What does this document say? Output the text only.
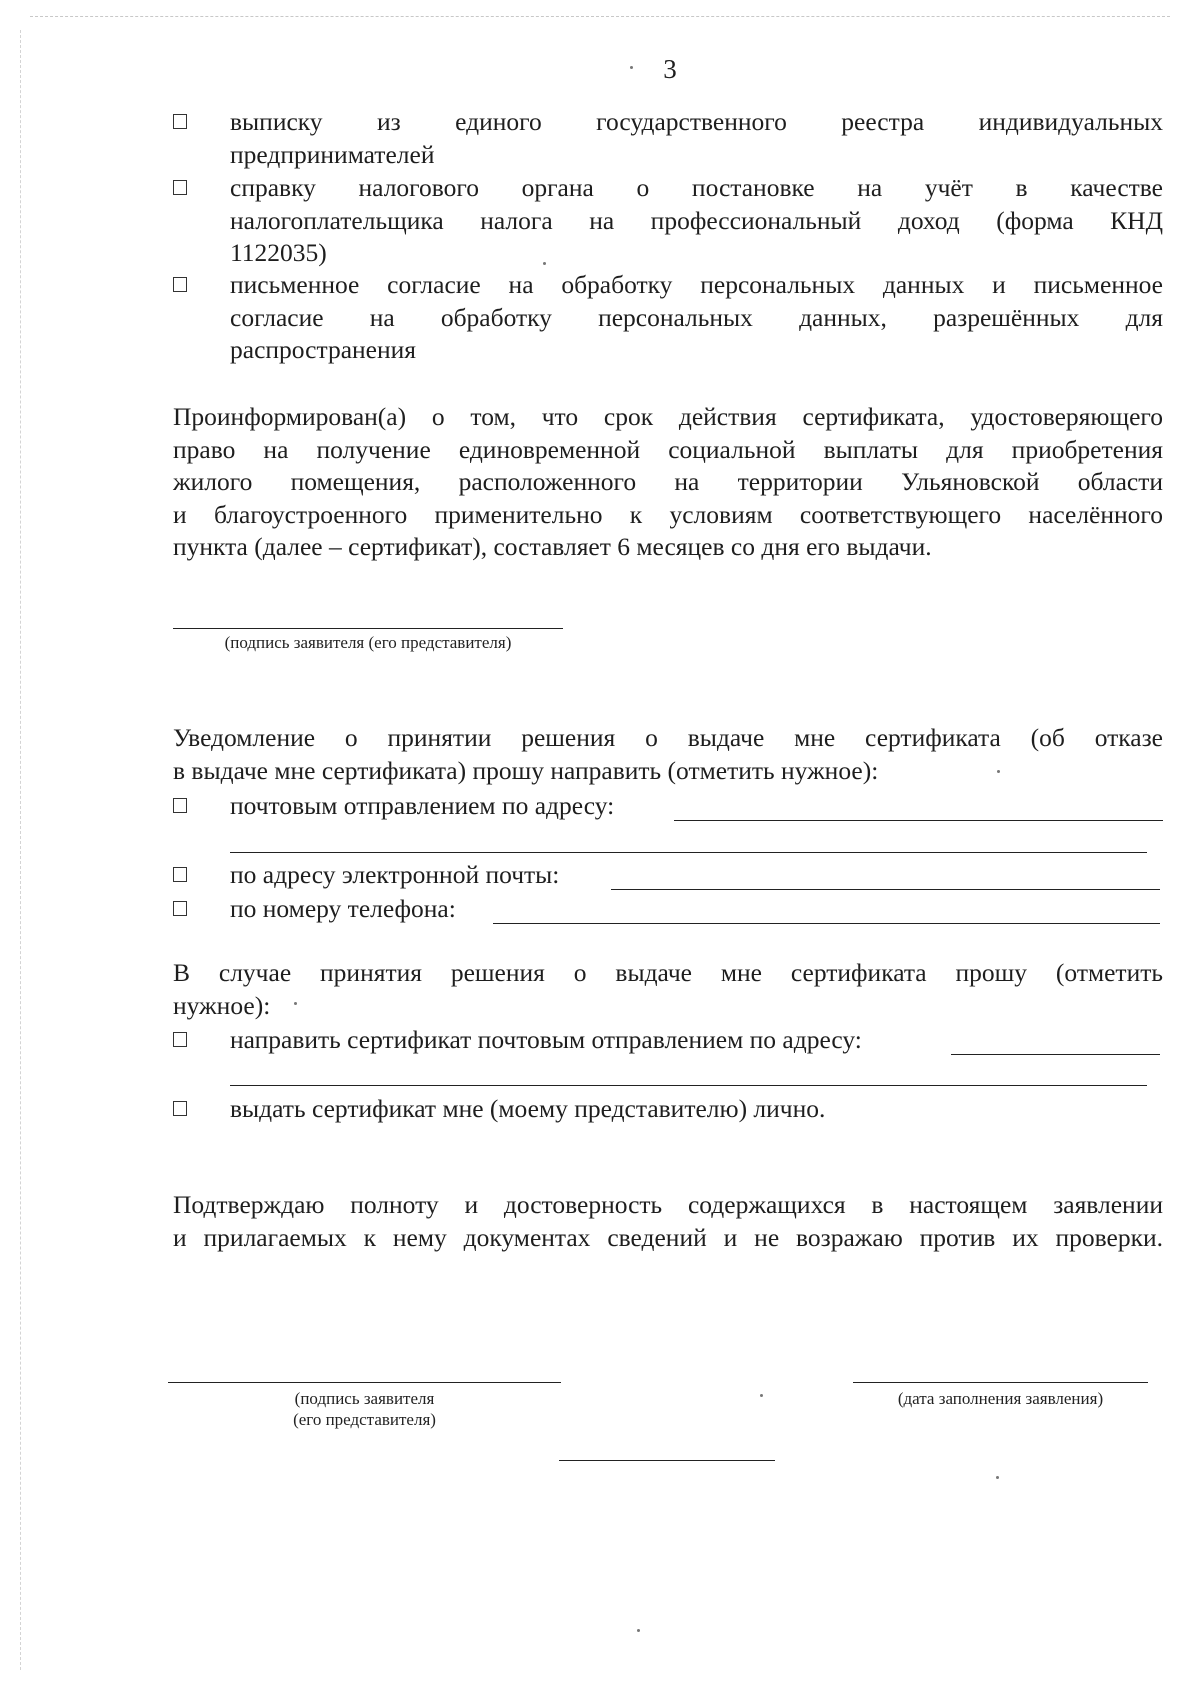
3
выписку из единого государственного реестра индивидуальных
предпринимателей
справку налогового органа о постановке на учёт в качестве
налогоплательщика налога на профессиональный доход (форма КНД
1122035)
письменное согласие на обработку персональных данных и письменное
согласие на обработку персональных данных, разрешённых для
распространения
Проинформирован(а) о том, что срок действия сертификата, удостоверяющего
право на получение единовременной социальной выплаты для приобретения
жилого помещения, расположенного на территории Ульяновской области
и благоустроенного применительно к условиям соответствующего населённого
пункта (далее – сертификат), составляет 6 месяцев со дня его выдачи.
(подпись заявителя (его представителя)
Уведомление о принятии решения о выдаче мне сертификата (об отказе
в выдаче мне сертификата) прошу направить (отметить нужное):
почтовым отправлением по адресу:
по адресу электронной почты:
по номеру телефона:
В случае принятия решения о выдаче мне сертификата прошу (отметить
нужное):
направить сертификат почтовым отправлением по адресу:
выдать сертификат мне (моему представителю) лично.
Подтверждаю полноту и достоверность содержащихся в настоящем заявлении
и прилагаемых к нему документах сведений и не возражаю против их проверки.
(подпись заявителя
(его представителя)
(дата заполнения заявления)
